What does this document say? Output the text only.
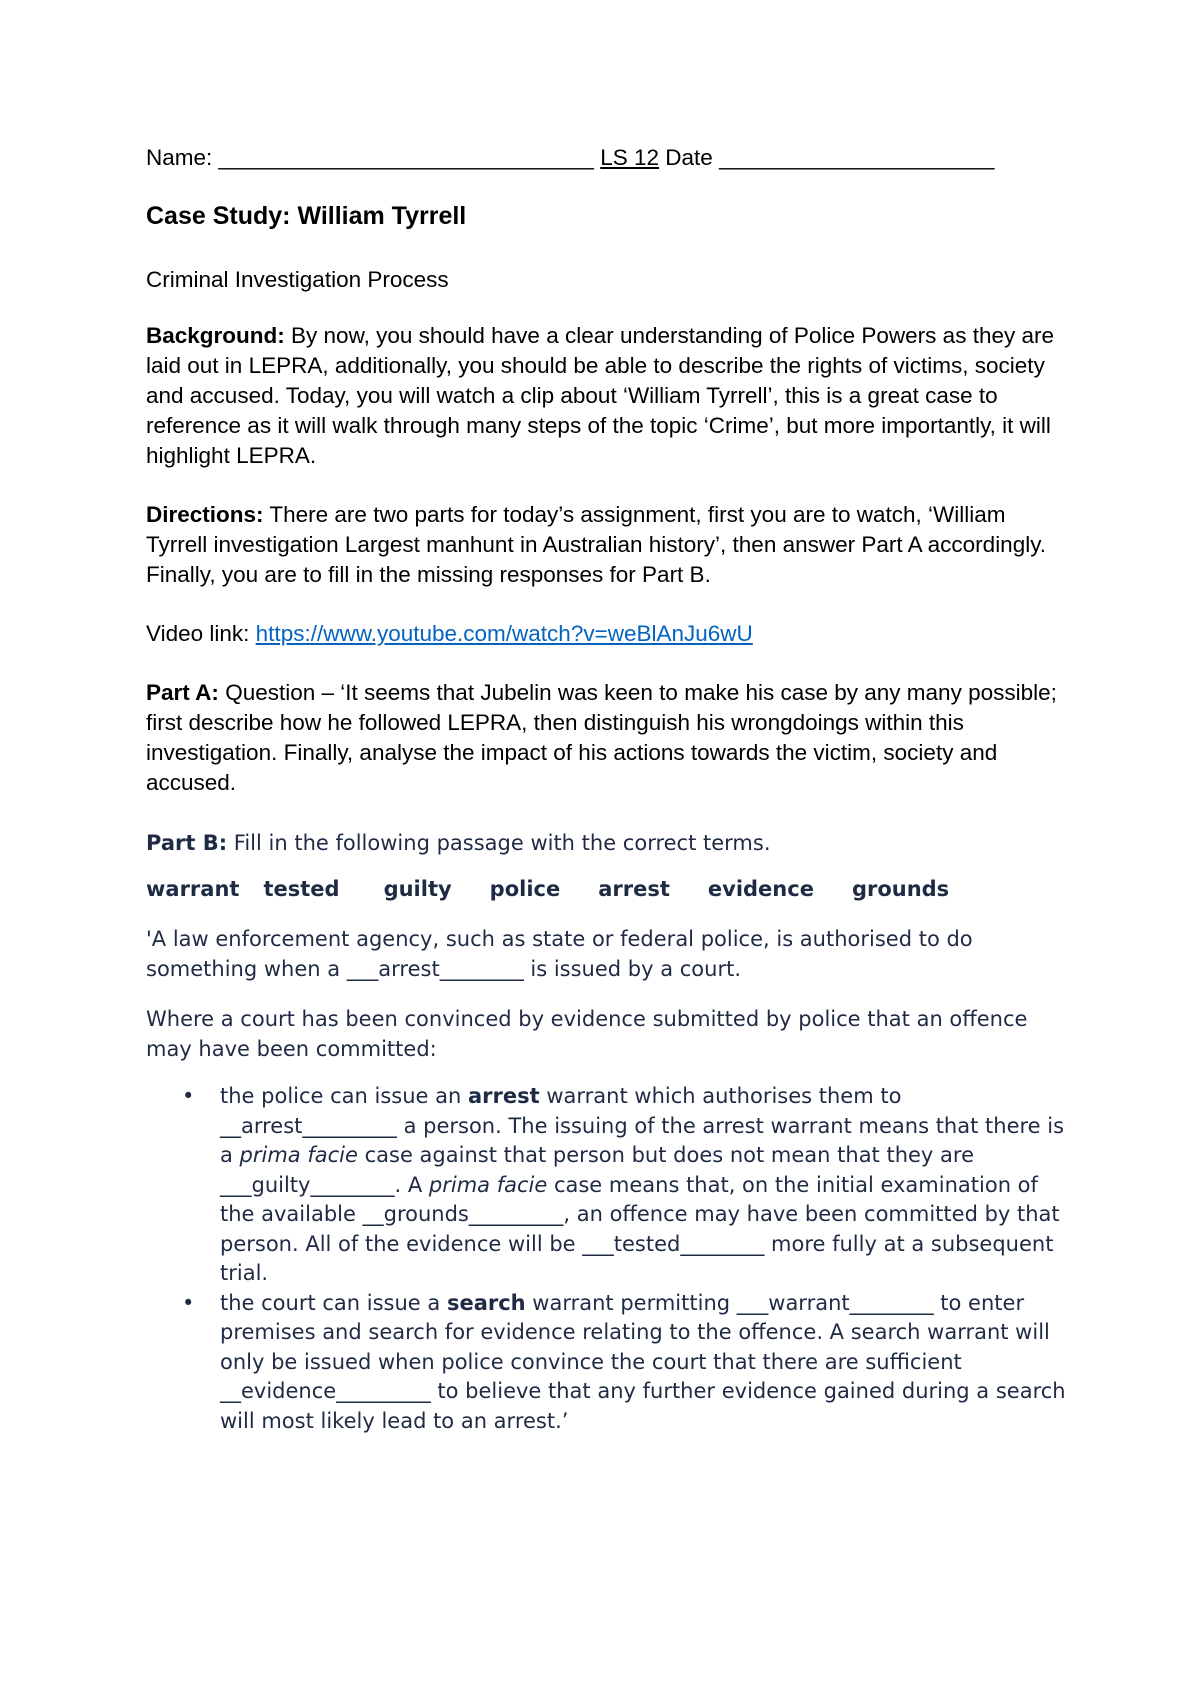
Name: ______________________________ LS 12 Date ______________________

Case Study: William Tyrrell

Criminal Investigation Process

Background: By now, you should have a clear understanding of Police Powers as they are laid out in LEPRA, additionally, you should be able to describe the rights of victims, society and accused. Today, you will watch a clip about ‘William Tyrrell’, this is a great case to reference as it will walk through many steps of the topic ‘Crime’, but more importantly, it will highlight LEPRA.

Directions: There are two parts for today’s assignment, first you are to watch, ‘William Tyrrell investigation Largest manhunt in Australian history’, then answer Part A accordingly. Finally, you are to fill in the missing responses for Part B.

Video link: https://www.youtube.com/watch?v=weBlAnJu6wU

Part A: Question – ‘It seems that Jubelin was keen to make his case by any many possible; first describe how he followed LEPRA, then distinguish his wrongdoings within this investigation. Finally, analyse the impact of his actions towards the victim, society and accused.

Part B: Fill in the following passage with the correct terms.

warrant tested guilty police arrest evidence grounds

'A law enforcement agency, such as state or federal police, is authorised to do something when a ___arrest________ is issued by a court.

Where a court has been convinced by evidence submitted by police that an offence may have been committed:

• the police can issue an arrest warrant which authorises them to __arrest_________ a person. The issuing of the arrest warrant means that there is a prima facie case against that person but does not mean that they are ___guilty________. A prima facie case means that, on the initial examination of the available __grounds_________, an offence may have been committed by that person. All of the evidence will be ___tested________ more fully at a subsequent trial.
• the court can issue a search warrant permitting ___warrant________ to enter premises and search for evidence relating to the offence. A search warrant will only be issued when police convince the court that there are sufficient __evidence_________ to believe that any further evidence gained during a search will most likely lead to an arrest.’
